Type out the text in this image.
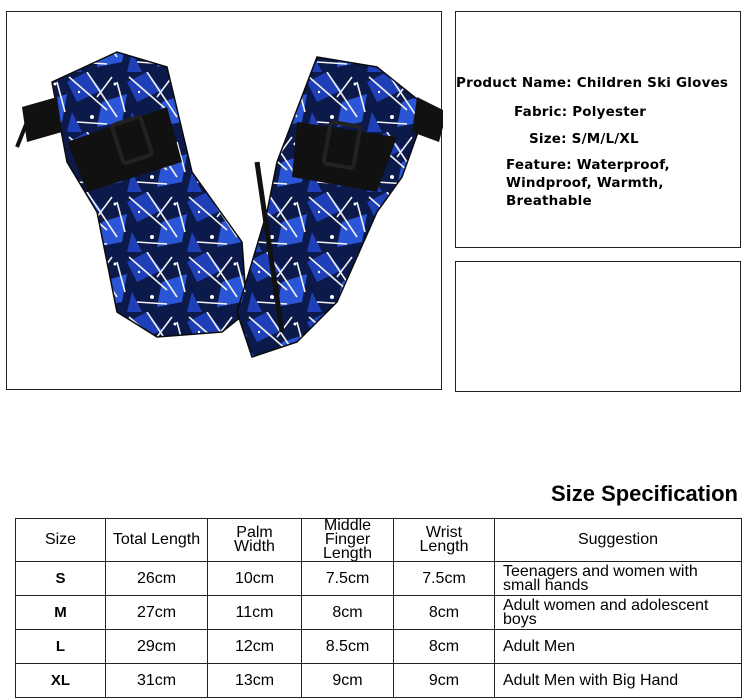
Product Name: Children Ski Gloves
Fabric: Polyester
Size: S/M/L/XL
Feature: Waterproof, Windproof, Warmth, Breathable
Size Specification
Size	Total Length	Palm Width	Middle Finger Length	Wrist Length	Suggestion
S	26cm	10cm	7.5cm	7.5cm	Teenagers and women with small hands
M	27cm	11cm	8cm	8cm	Adult women and adolescent boys
L	29cm	12cm	8.5cm	8cm	Adult Men
XL	31cm	13cm	9cm	9cm	Adult Men with Big Hand
